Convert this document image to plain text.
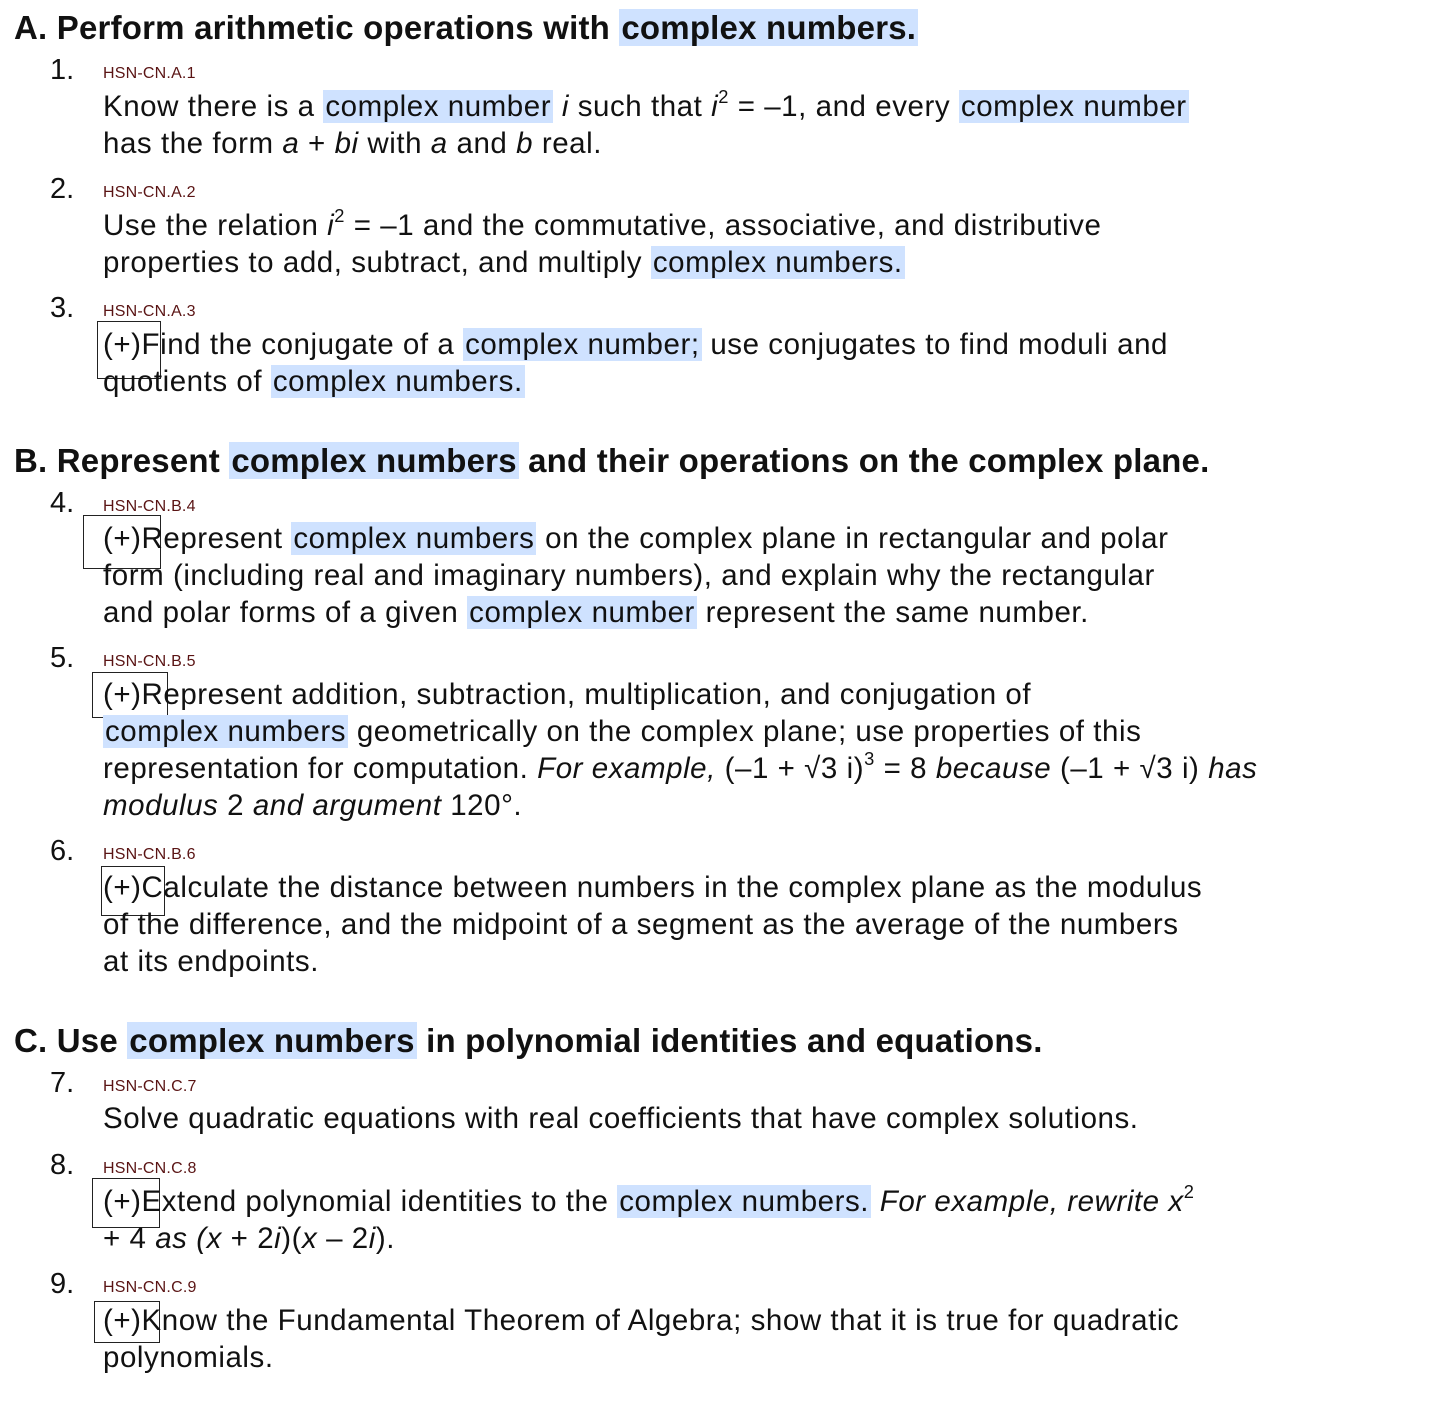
A. Perform arithmetic operations with complex numbers.
1. HSN-CN.A.1
Know there is a complex number i such that $i^2 = -1$, and every complex number
has the form a + bi with a and b real.
2. HSN-CN.A.2
Use the relation $i^2 = -1$ and the commutative, associative, and distributive
properties to add, subtract, and multiply complex numbers.
3. HSN-CN.A.3
(+)Find the conjugate of a complex number; use conjugates to find moduli and
quotients of complex numbers.
B. Represent complex numbers and their operations on the complex plane.
4. HSN-CN.B.4
(+)Represent complex numbers on the complex plane in rectangular and polar
form (including real and imaginary numbers), and explain why the rectangular
and polar forms of a given complex number represent the same number.
5. HSN-CN.B.5
(+)Represent addition, subtraction, multiplication, and conjugation of
complex numbers geometrically on the complex plane; use properties of this
representation for computation. For example, (–1 + √3 i)$^3$ = 8 because (–1 + √3 i) has
modulus 2 and argument 120°.
6. HSN-CN.B.6
(+)Calculate the distance between numbers in the complex plane as the modulus
of the difference, and the midpoint of a segment as the average of the numbers
at its endpoints.
C. Use complex numbers in polynomial identities and equations.
7. HSN-CN.C.7
Solve quadratic equations with real coefficients that have complex solutions.
8. HSN-CN.C.8
(+)Extend polynomial identities to the complex numbers. For example, rewrite $x^2$
+ 4 as (x + 2i)(x – 2i).
9. HSN-CN.C.9
(+)Know the Fundamental Theorem of Algebra; show that it is true for quadratic
polynomials.
